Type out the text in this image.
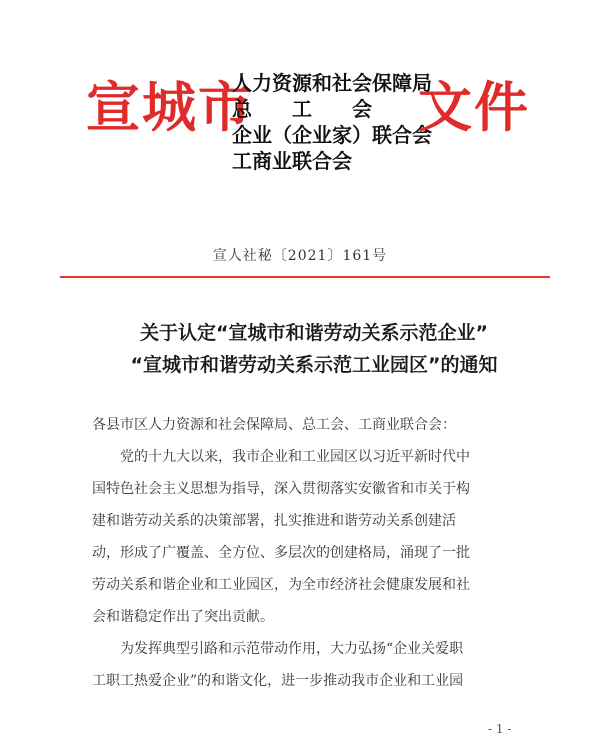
宣城市
人力资源和社会保障局
总　　工　　会
企业（企业家）联合会
工商业联合会
文件
宣人社秘〔2021〕161号
关于认定“宣城市和谐劳动关系示范企业”
“宣城市和谐劳动关系示范工业园区”的通知
各县市区人力资源和社会保障局、总工会、工商业联合会：
党的十九大以来，我市企业和工业园区以习近平新时代中
国特色社会主义思想为指导，深入贯彻落实安徽省和市关于构
建和谐劳动关系的决策部署，扎实推进和谐劳动关系创建活
动，形成了广覆盖、全方位、多层次的创建格局，涌现了一批
劳动关系和谐企业和工业园区，为全市经济社会健康发展和社
会和谐稳定作出了突出贡献。
为发挥典型引路和示范带动作用，大力弘扬“企业关爱职
工职工热爱企业”的和谐文化，进一步推动我市企业和工业园
- 1 -
